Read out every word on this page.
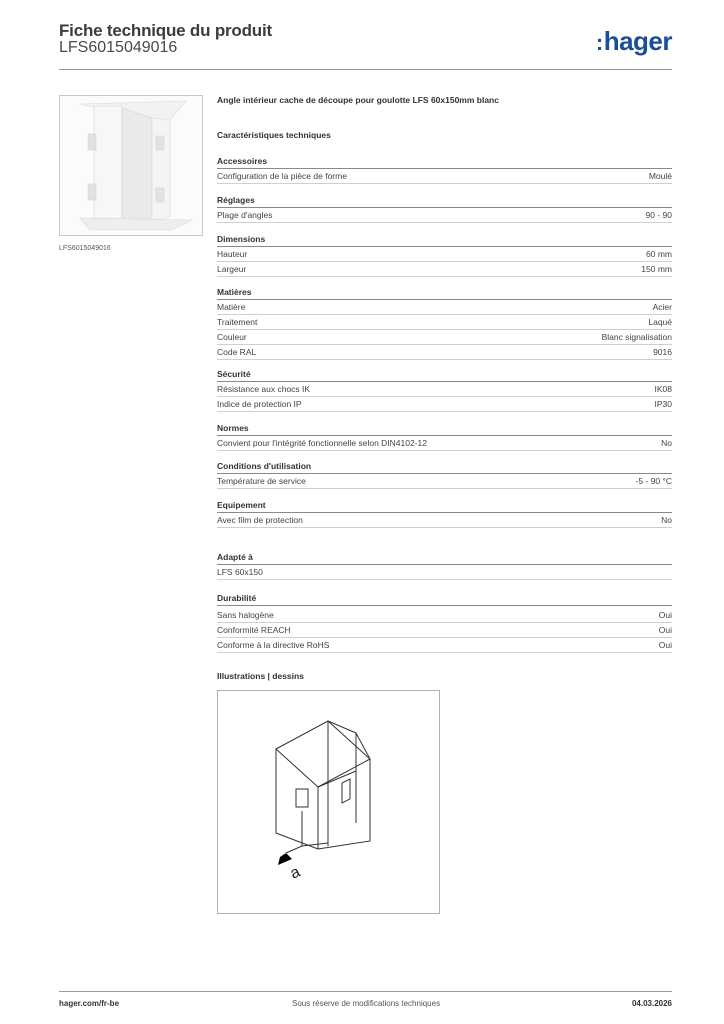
Fiche technique du produit
LFS6015049016	:hager
LFS6015049016
Angle intérieur cache de découpe pour goulotte LFS 60x150mm blanc
Caractéristiques techniques
Accessoires
Configuration de la pièce de forme	Moulé
Réglages
Plage d'angles	90 - 90
Dimensions
Hauteur	60 mm
Largeur	150 mm
Matières
Matière	Acier
Traitement	Laqué
Couleur	Blanc signalisation
Code RAL	9016
Sécurité
Résistance aux chocs IK	IK08
Indice de protection IP	IP30
Normes
Convient pour l'intégrité fonctionnelle selon DIN4102-12	No
Conditions d'utilisation
Température de service	-5 - 90 °C
Equipement
Avec film de protection	No
Adapté à
LFS 60x150
Durabilité
Sans halogène	Oui
Conformité REACH	Oui
Conforme à la directive RoHS	Oui
Illustrations | dessins
a
hager.com/fr-be	Sous réserve de modifications techniques	04.03.2026
